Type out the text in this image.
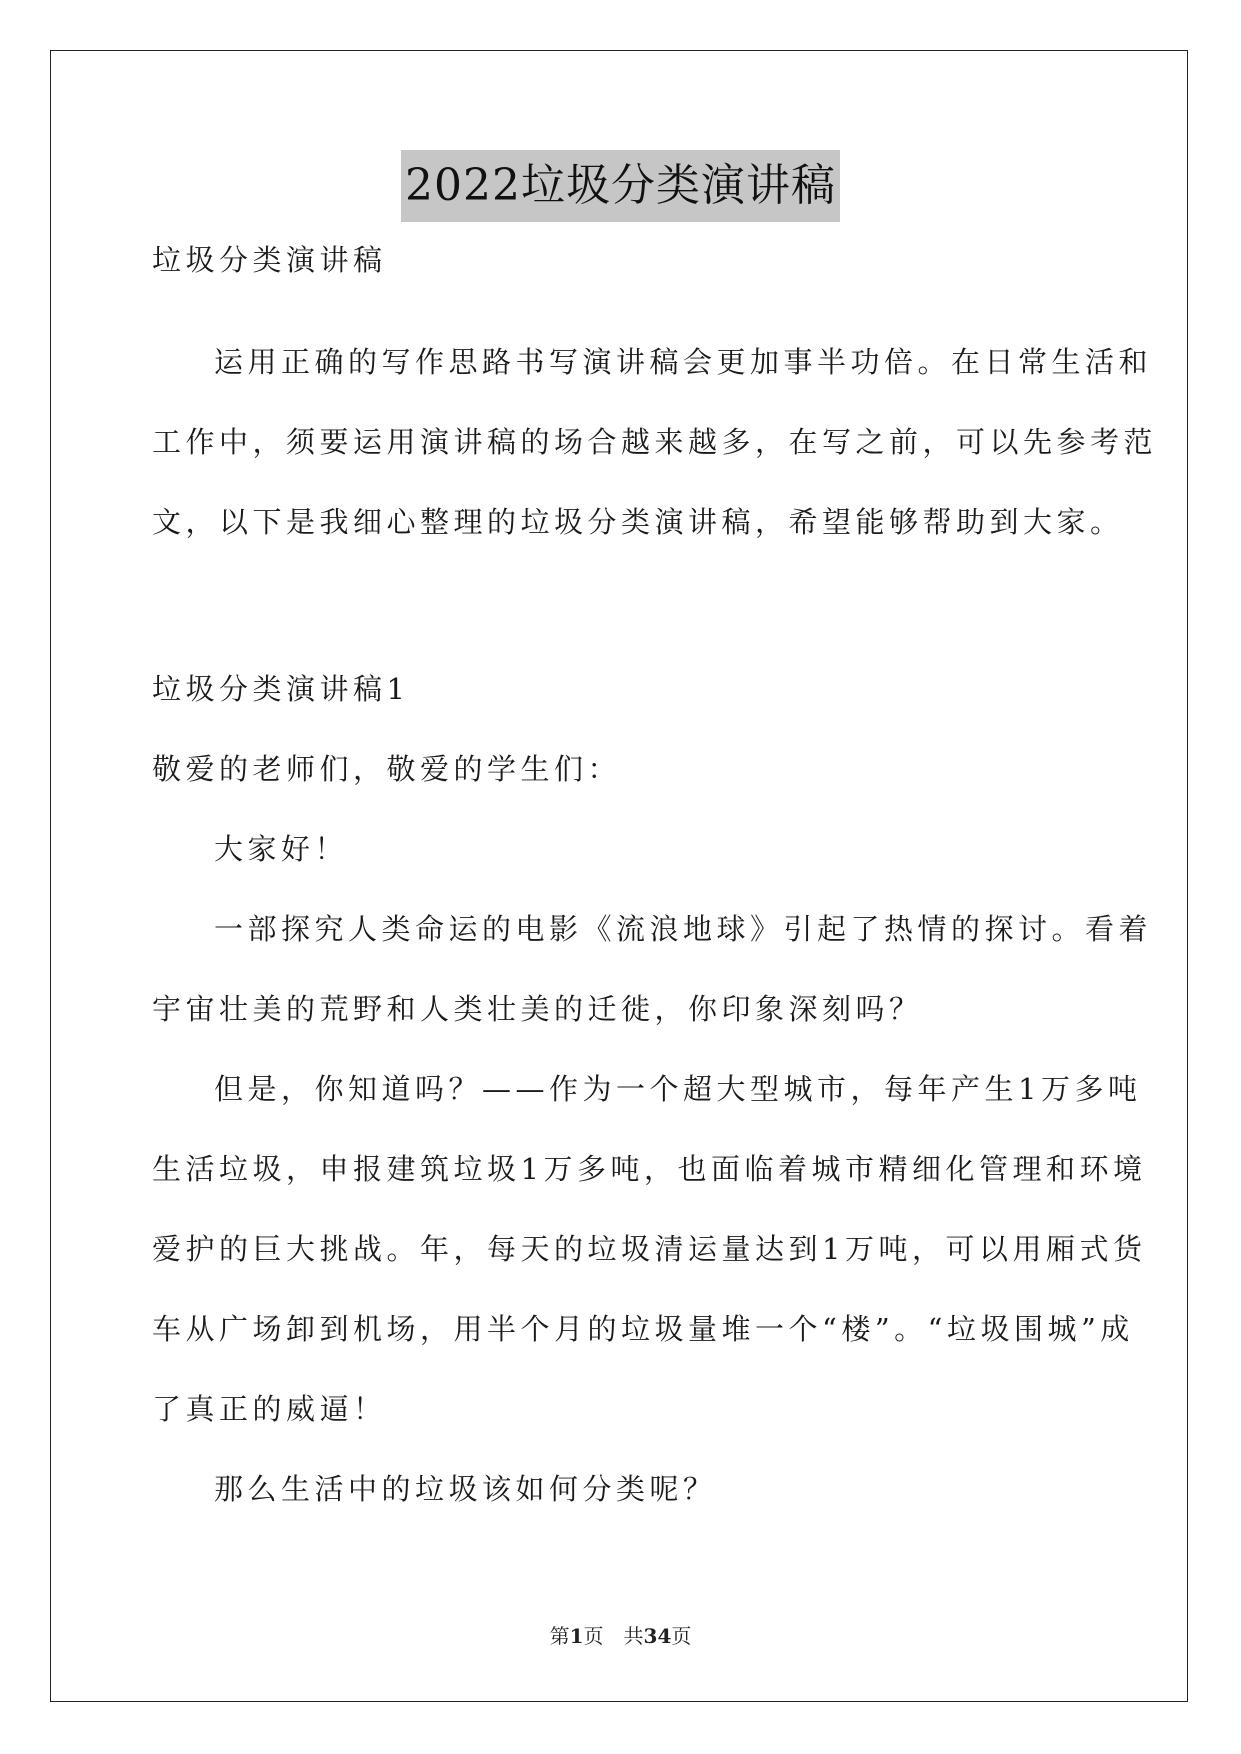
2022垃圾分类演讲稿
垃圾分类演讲稿
运用正确的写作思路书写演讲稿会更加事半功倍。在日常生活和
工作中，须要运用演讲稿的场合越来越多，在写之前，可以先参考范
文，以下是我细心整理的垃圾分类演讲稿，希望能够帮助到大家。
垃圾分类演讲稿1
敬爱的老师们，敬爱的学生们：
大家好！
一部探究人类命运的电影《流浪地球》引起了热情的探讨。看着
宇宙壮美的荒野和人类壮美的迁徙，你印象深刻吗？
但是，你知道吗？——作为一个超大型城市，每年产生1万多吨
生活垃圾，申报建筑垃圾1万多吨，也面临着城市精细化管理和环境
爱护的巨大挑战。年，每天的垃圾清运量达到1万吨，可以用厢式货
车从广场卸到机场，用半个月的垃圾量堆一个“楼”。“垃圾围城”成
了真正的威逼！
那么生活中的垃圾该如何分类呢？
第1页　共34页
